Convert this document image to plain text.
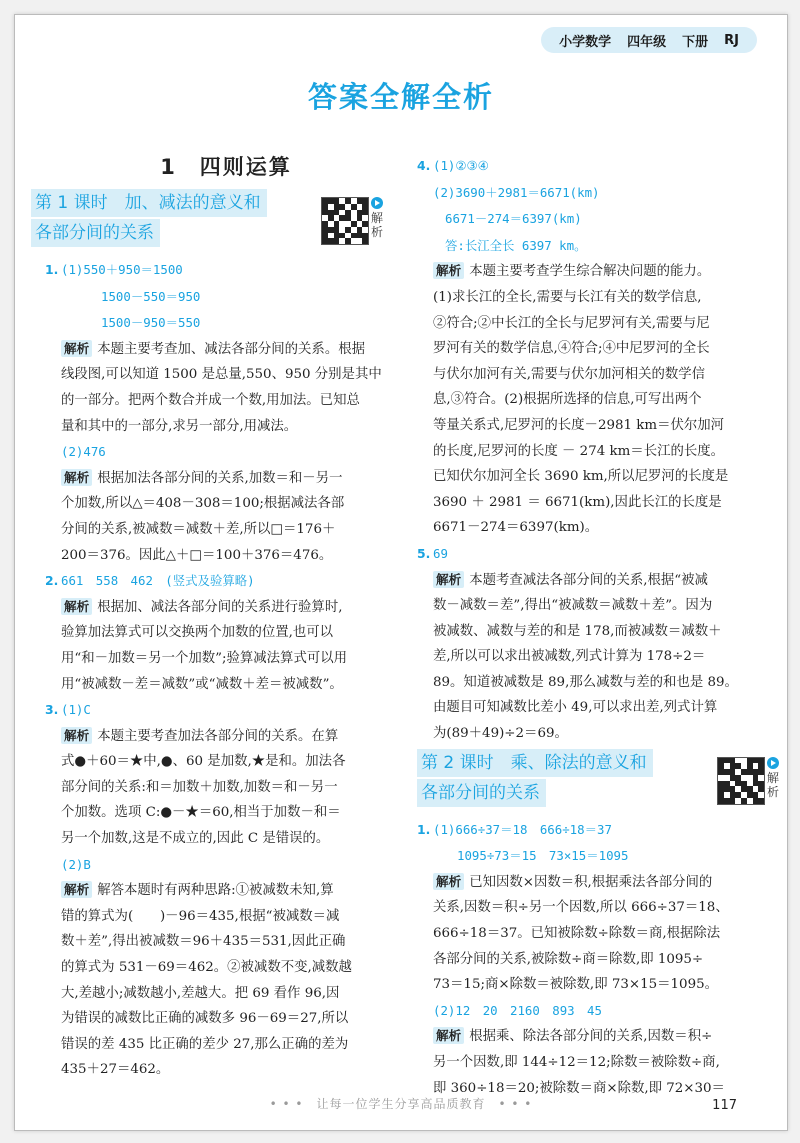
小学数学 四年级 下册 RJ
答案全解全析
1　四则运算
第 1 课时　加、减法的意义和
各部分间的关系
解析

1. (1)550＋950＝1500

1500－550＝950

1500－950＝550

解析 本题主要考查加、减法各部分间的关系。根据

线段图,可以知道 1500 是总量,550、950 分别是其中

的一部分。把两个数合并成一个数,用加法。已知总

量和其中的一部分,求另一部分,用减法。

(2)476

解析 根据加法各部分间的关系,加数＝和－另一

个加数,所以△＝408－308＝100;根据减法各部

分间的关系,被减数＝减数＋差,所以□＝176＋

200＝376。因此△＋□＝100＋376＝476。

2. 661　558　462　(竖式及验算略)

解析 根据加、减法各部分间的关系进行验算时,

验算加法算式可以交换两个加数的位置,也可以

用“和－加数＝另一个加数”;验算减法算式可以用

用“被减数－差＝减数”或“减数＋差＝被减数”。

3. (1)C

解析 本题主要考查加法各部分间的关系。在算

式●＋60＝★中,●、60 是加数,★是和。加法各

部分间的关系:和＝加数＋加数,加数＝和－另一

个加数。选项 C:●－★＝60,相当于加数－和＝

另一个加数,这是不成立的,因此 C 是错误的。

(2)B

解析 解答本题时有两种思路:①被减数未知,算

错的算式为(　　)－96＝435,根据“被减数＝减

数＋差”,得出被减数＝96＋435＝531,因此正确

的算式为 531－69＝462。②被减数不变,减数越

大,差越小;减数越小,差越大。把 69 看作 96,因

为错误的减数比正确的减数多 96－69＝27,所以

错误的差 435 比正确的差少 27,那么正确的差为

435＋27＝462。

4. (1)②③④

(2)3690＋2981＝6671(km)

6671－274＝6397(km)

答:长江全长 6397 km。

解析 本题主要考查学生综合解决问题的能力。

(1)求长江的全长,需要与长江有关的数学信息,

②符合;②中长江的全长与尼罗河有关,需要与尼

罗河有关的数学信息,④符合;④中尼罗河的全长

与伏尔加河有关,需要与伏尔加河相关的数学信

息,③符合。(2)根据所选择的信息,可写出两个

等量关系式,尼罗河的长度－2981 km＝伏尔加河

的长度,尼罗河的长度 － 274 km＝长江的长度。

已知伏尔加河全长 3690 km,所以尼罗河的长度是

3690 ＋ 2981 ＝ 6671(km),因此长江的长度是

6671－274＝6397(km)。

5. 69

解析 本题考查减法各部分间的关系,根据“被减

数－减数＝差”,得出“被减数＝减数＋差”。因为

被减数、减数与差的和是 178,而被减数＝减数＋

差,所以可以求出被减数,列式计算为 178÷2＝

89。知道被减数是 89,那么减数与差的和也是 89。

由题目可知减数比差小 49,可以求出差,列式计算

为(89＋49)÷2＝69。

第 2 课时　乘、除法的意义和
各部分间的关系
解析

1. (1)666÷37＝18　666÷18＝37

1095÷73＝15　73×15＝1095

解析 已知因数×因数＝积,根据乘法各部分间的

关系,因数＝积÷另一个因数,所以 666÷37＝18、

666÷18＝37。已知被除数÷除数＝商,根据除法

各部分间的关系,被除数÷商＝除数,即 1095÷

73＝15;商×除数＝被除数,即 73×15＝1095。

(2)12　20　2160　893　45

解析 根据乘、除法各部分间的关系,因数＝积÷

另一个因数,即 144÷12＝12;除数＝被除数÷商,

即 360÷18＝20;被除数＝商×除数,即 72×30＝

• • •　让每一位学生分享高品质教育　• • •	117
